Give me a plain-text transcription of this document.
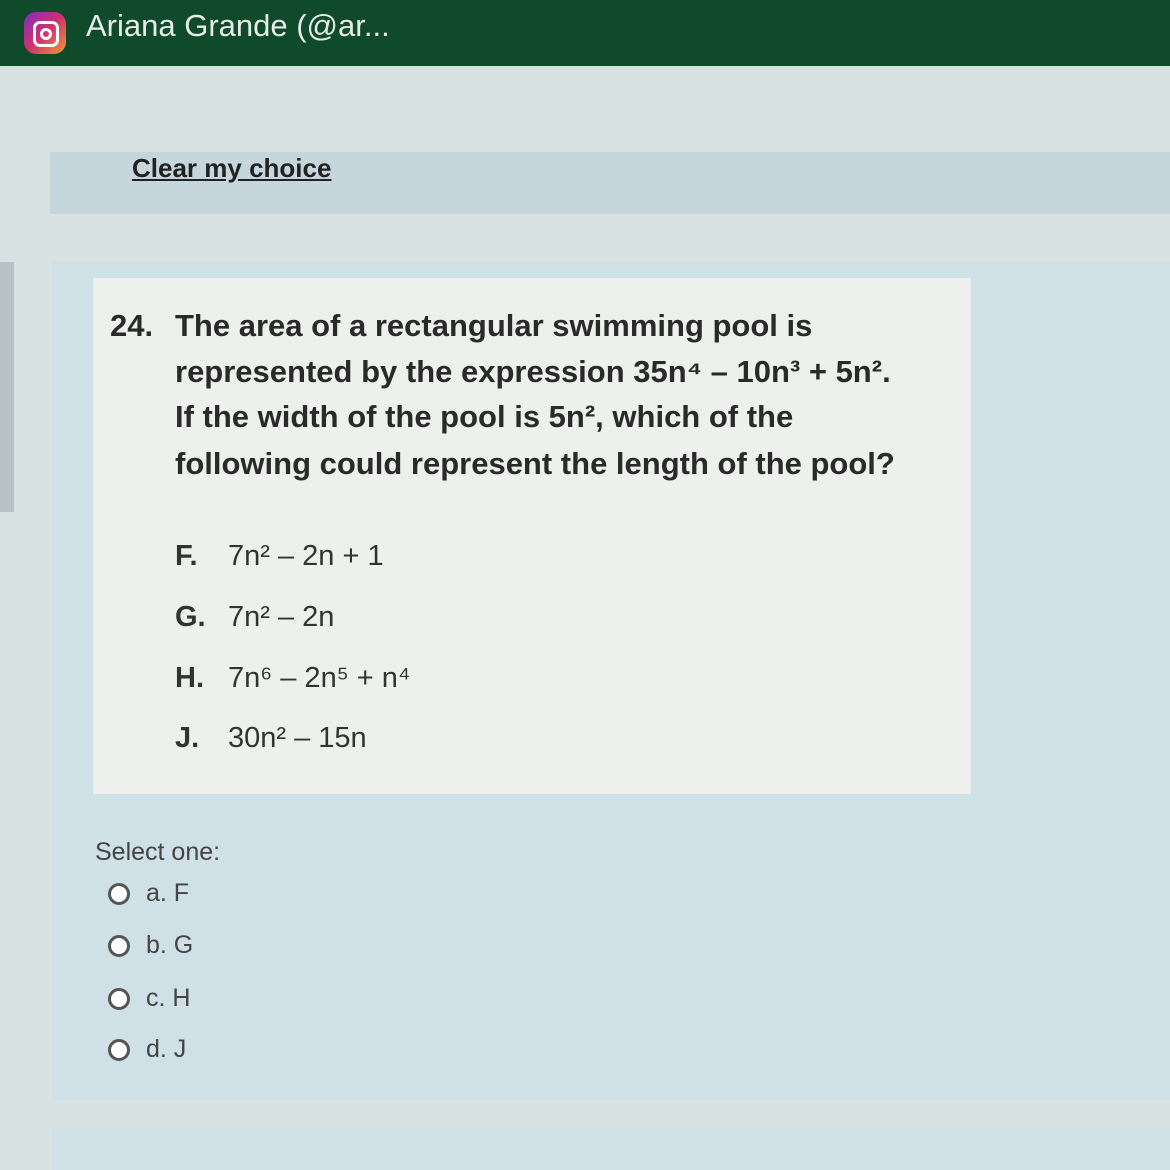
Ariana Grande (@ar...
Clear my choice
24. The area of a rectangular swimming pool is
represented by the expression 35n⁴ – 10n³ + 5n².
If the width of the pool is 5n², which of the
following could represent the length of the pool?
F. 7n² – 2n + 1
G. 7n² – 2n
H. 7n⁶ – 2n⁵ + n⁴
J. 30n² – 15n
Select one:
a. F
b. G
c. H
d. J
